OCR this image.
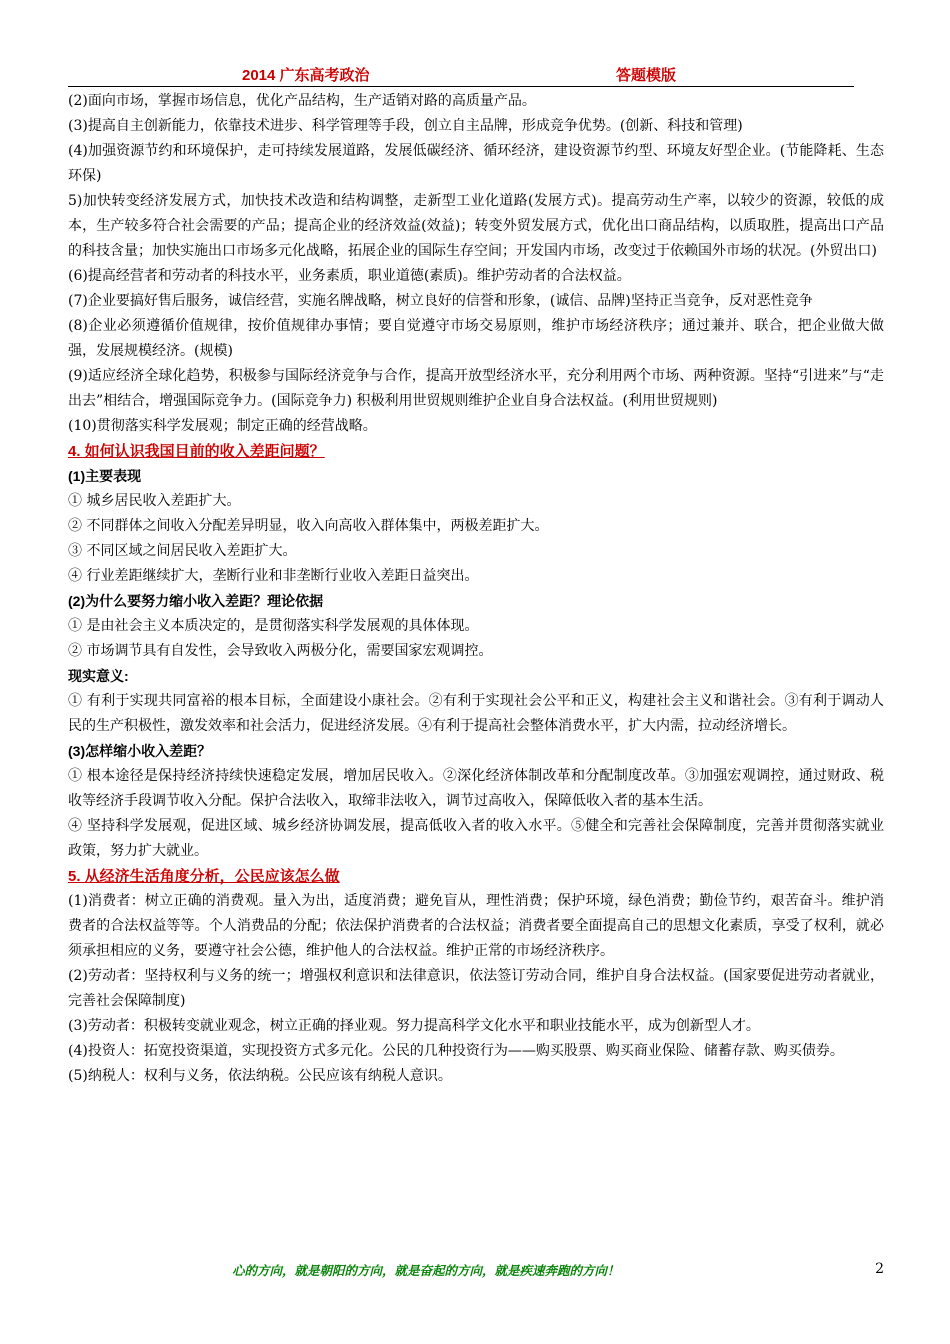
2014 广东高考政治	答题模版

(2)面向市场，掌握市场信息，优化产品结构，生产适销对路的高质量产品。

(3)提高自主创新能力，依靠技术进步、科学管理等手段，创立自主品牌，形成竞争优势。(创新、科技和管理)

(4)加强资源节约和环境保护，走可持续发展道路，发展低碳经济、循环经济，建设资源节约型、环境友好型企业。(节能降耗、生态环保)

5)加快转变经济发展方式，加快技术改造和结构调整，走新型工业化道路(发展方式)。提高劳动生产率，以较少的资源，较低的成本，生产较多符合社会需要的产品；提高企业的经济效益(效益)；转变外贸发展方式，优化出口商品结构，以质取胜，提高出口产品的科技含量；加快实施出口市场多元化战略，拓展企业的国际生存空间；开发国内市场，改变过于依赖国外市场的状况。(外贸出口)

(6)提高经营者和劳动者的科技水平，业务素质，职业道德(素质)。维护劳动者的合法权益。

(7)企业要搞好售后服务，诚信经营，实施名牌战略，树立良好的信誉和形象，(诚信、品牌)坚持正当竞争，反对恶性竞争

(8)企业必须遵循价值规律，按价值规律办事情；要自觉遵守市场交易原则，维护市场经济秩序；通过兼并、联合，把企业做大做强，发展规模经济。(规模)

(9)适应经济全球化趋势，积极参与国际经济竞争与合作，提高开放型经济水平，充分利用两个市场、两种资源。坚持“引进来”与“走出去”相结合，增强国际竞争力。(国际竞争力) 积极利用世贸规则维护企业自身合法权益。(利用世贸规则)

(10)贯彻落实科学发展观；制定正确的经营战略。

4. 如何认识我国目前的收入差距问题？

(1)主要表现

① 城乡居民收入差距扩大。

② 不同群体之间收入分配差异明显，收入向高收入群体集中，两极差距扩大。

③ 不同区域之间居民收入差距扩大。

④ 行业差距继续扩大，垄断行业和非垄断行业收入差距日益突出。

(2)为什么要努力缩小收入差距？理论依据

① 是由社会主义本质决定的，是贯彻落实科学发展观的具体体现。

② 市场调节具有自发性，会导致收入两极分化，需要国家宏观调控。

现实意义:

① 有利于实现共同富裕的根本目标，全面建设小康社会。②有利于实现社会公平和正义，构建社会主义和谐社会。③有利于调动人民的生产积极性，激发效率和社会活力，促进经济发展。④有利于提高社会整体消费水平，扩大内需，拉动经济增长。

(3)怎样缩小收入差距？

① 根本途径是保持经济持续快速稳定发展，增加居民收入。②深化经济体制改革和分配制度改革。③加强宏观调控，通过财政、税收等经济手段调节收入分配。保护合法收入，取缔非法收入，调节过高收入，保障低收入者的基本生活。

④ 坚持科学发展观，促进区域、城乡经济协调发展，提高低收入者的收入水平。⑤健全和完善社会保障制度，完善并贯彻落实就业政策，努力扩大就业。

5. 从经济生活角度分析，公民应该怎么做

(1)消费者：树立正确的消费观。量入为出，适度消费；避免盲从，理性消费；保护环境，绿色消费；勤俭节约，艰苦奋斗。维护消费者的合法权益等等。个人消费品的分配；依法保护消费者的合法权益；消费者要全面提高自己的思想文化素质，享受了权利，就必须承担相应的义务，要遵守社会公德，维护他人的合法权益。维护正常的市场经济秩序。

(2)劳动者：坚持权利与义务的统一；增强权利意识和法律意识，依法签订劳动合同，维护自身合法权益。(国家要促进劳动者就业，完善社会保障制度)

(3)劳动者：积极转变就业观念，树立正确的择业观。努力提高科学文化水平和职业技能水平，成为创新型人才。

(4)投资人：拓宽投资渠道，实现投资方式多元化。公民的几种投资行为——购买股票、购买商业保险、储蓄存款、购买债券。

(5)纳税人：权利与义务，依法纳税。公民应该有纳税人意识。

心的方向，就是朝阳的方向，就是奋起的方向，就是疾速奔跑的方向！	2
